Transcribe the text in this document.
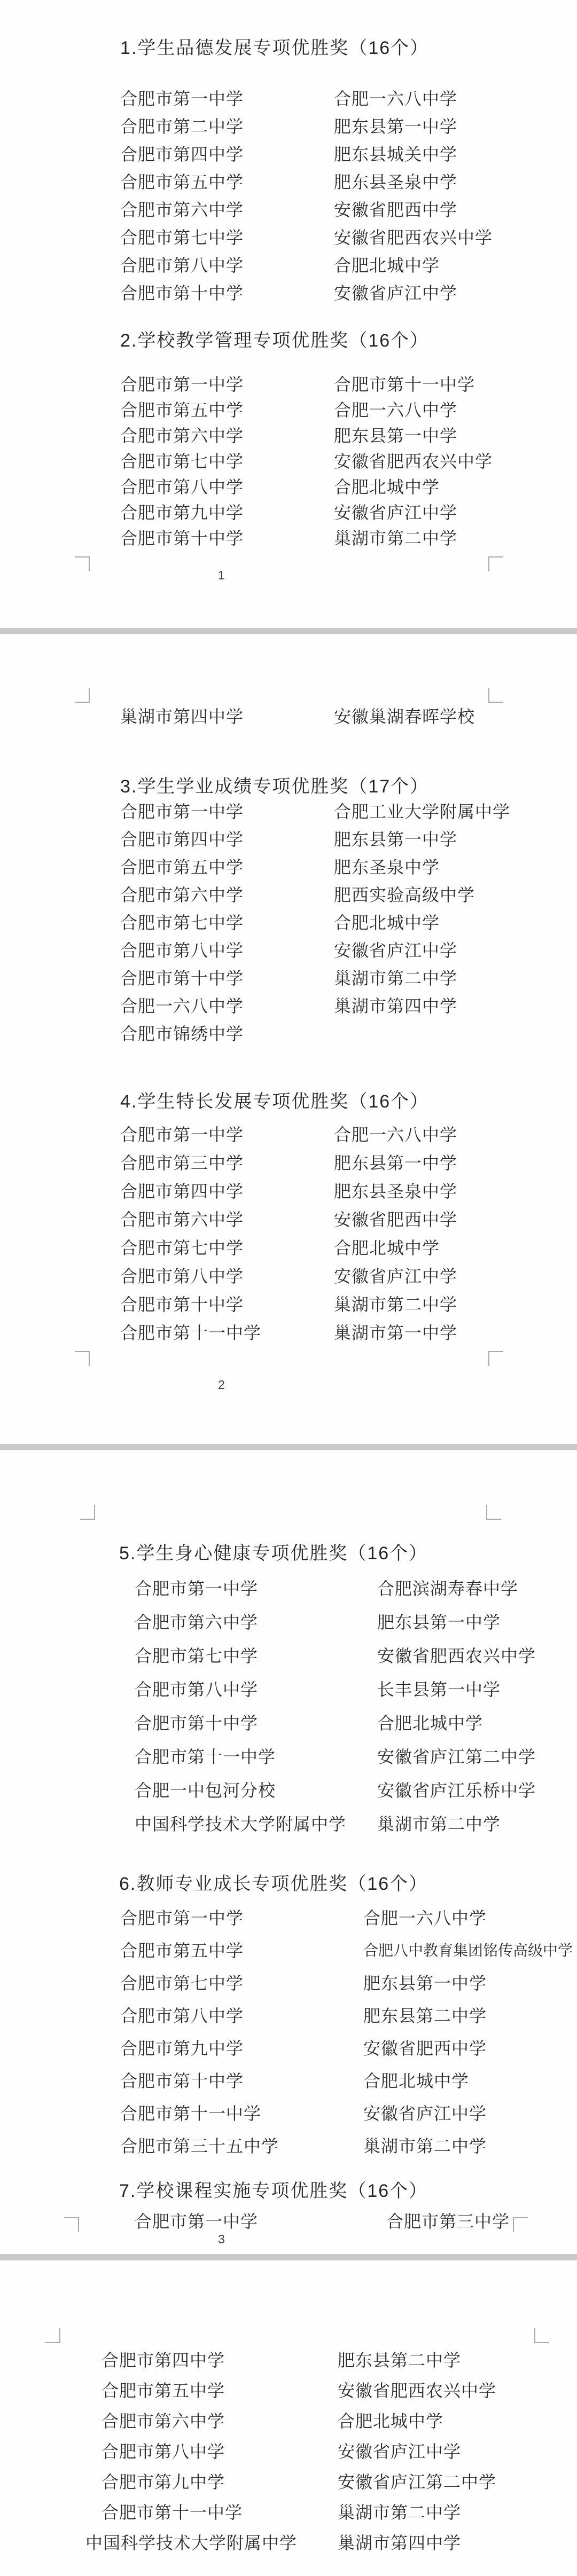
1.学生品德发展专项优胜奖（16个）
合肥市第一中学	合肥一六八中学
合肥市第二中学	肥东县第一中学
合肥市第四中学	肥东县城关中学
合肥市第五中学	肥东县圣泉中学
合肥市第六中学	安徽省肥西中学
合肥市第七中学	安徽省肥西农兴中学
合肥市第八中学	合肥北城中学
合肥市第十中学	安徽省庐江中学
2.学校教学管理专项优胜奖（16个）
合肥市第一中学	合肥市第十一中学
合肥市第五中学	合肥一六八中学
合肥市第六中学	肥东县第一中学
合肥市第七中学	安徽省肥西农兴中学
合肥市第八中学	合肥北城中学
合肥市第九中学	安徽省庐江中学
合肥市第十中学	巢湖市第二中学
1
巢湖市第四中学	安徽巢湖春晖学校
3.学生学业成绩专项优胜奖（17个）
合肥市第一中学	合肥工业大学附属中学
合肥市第四中学	肥东县第一中学
合肥市第五中学	肥东圣泉中学
合肥市第六中学	肥西实验高级中学
合肥市第七中学	合肥北城中学
合肥市第八中学	安徽省庐江中学
合肥市第十中学	巢湖市第二中学
合肥一六八中学	巢湖市第四中学
合肥市锦绣中学
4.学生特长发展专项优胜奖（16个）
合肥市第一中学	合肥一六八中学
合肥市第三中学	肥东县第一中学
合肥市第四中学	肥东县圣泉中学
合肥市第六中学	安徽省肥西中学
合肥市第七中学	合肥北城中学
合肥市第八中学	安徽省庐江中学
合肥市第十中学	巢湖市第二中学
合肥市第十一中学	巢湖市第一中学
2
5.学生身心健康专项优胜奖（16个）
合肥市第一中学	合肥滨湖寿春中学
合肥市第六中学	肥东县第一中学
合肥市第七中学	安徽省肥西农兴中学
合肥市第八中学	长丰县第一中学
合肥市第十中学	合肥北城中学
合肥市第十一中学	安徽省庐江第二中学
合肥一中包河分校	安徽省庐江乐桥中学
中国科学技术大学附属中学 巢湖市第二中学
6.教师专业成长专项优胜奖（16个）
合肥市第一中学	合肥一六八中学
合肥市第五中学	合肥八中教育集团铭传高级中学
合肥市第七中学	肥东县第一中学
合肥市第八中学	肥东县第二中学
合肥市第九中学	安徽省肥西中学
合肥市第十中学	合肥北城中学
合肥市第十一中学	安徽省庐江中学
合肥市第三十五中学	巢湖市第二中学
7.学校课程实施专项优胜奖（16个）
合肥市第一中学	合肥市第三中学
3
合肥市第四中学	肥东县第二中学
合肥市第五中学	安徽省肥西农兴中学
合肥市第六中学	合肥北城中学
合肥市第八中学	安徽省庐江中学
合肥市第九中学	安徽省庐江第二中学
合肥市第十一中学	巢湖市第二中学
中国科学技术大学附属中学 巢湖市第四中学
